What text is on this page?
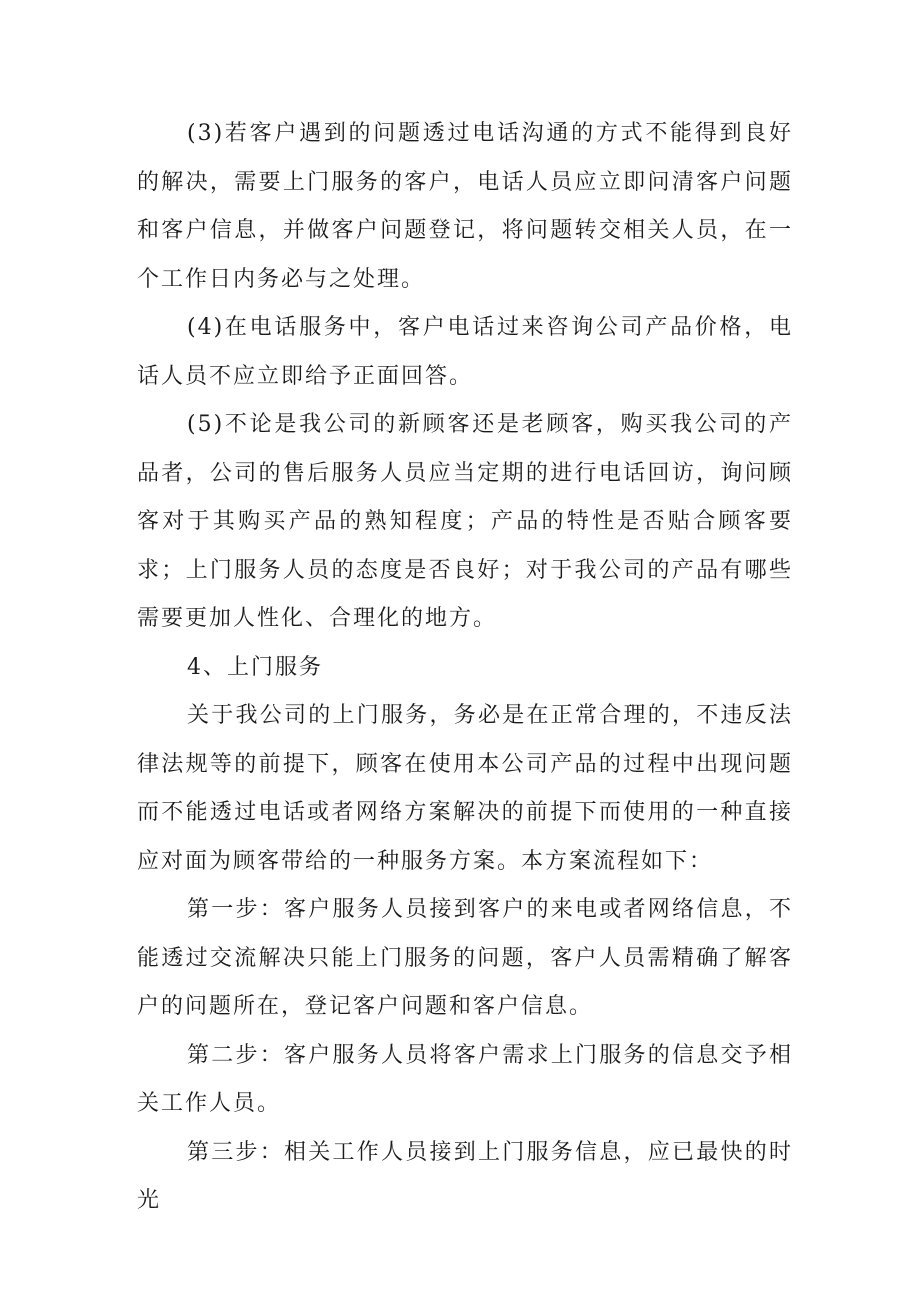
(3)若客户遇到的问题透过电话沟通的方式不能得到良好的解决，需要上门服务的客户，电话人员应立即问清客户问题和客户信息，并做客户问题登记，将问题转交相关人员，在一个工作日内务必与之处理。

(4)在电话服务中，客户电话过来咨询公司产品价格，电话人员不应立即给予正面回答。

(5)不论是我公司的新顾客还是老顾客，购买我公司的产品者，公司的售后服务人员应当定期的进行电话回访，询问顾客对于其购买产品的熟知程度；产品的特性是否贴合顾客要求；上门服务人员的态度是否良好；对于我公司的产品有哪些需要更加人性化、合理化的地方。

4、上门服务

关于我公司的上门服务，务必是在正常合理的，不违反法律法规等的前提下，顾客在使用本公司产品的过程中出现问题而不能透过电话或者网络方案解决的前提下而使用的一种直接应对面为顾客带给的一种服务方案。本方案流程如下：

第一步：客户服务人员接到客户的来电或者网络信息，不能透过交流解决只能上门服务的问题，客户人员需精确了解客户的问题所在，登记客户问题和客户信息。

第二步：客户服务人员将客户需求上门服务的信息交予相关工作人员。

第三步：相关工作人员接到上门服务信息，应已最快的时光
